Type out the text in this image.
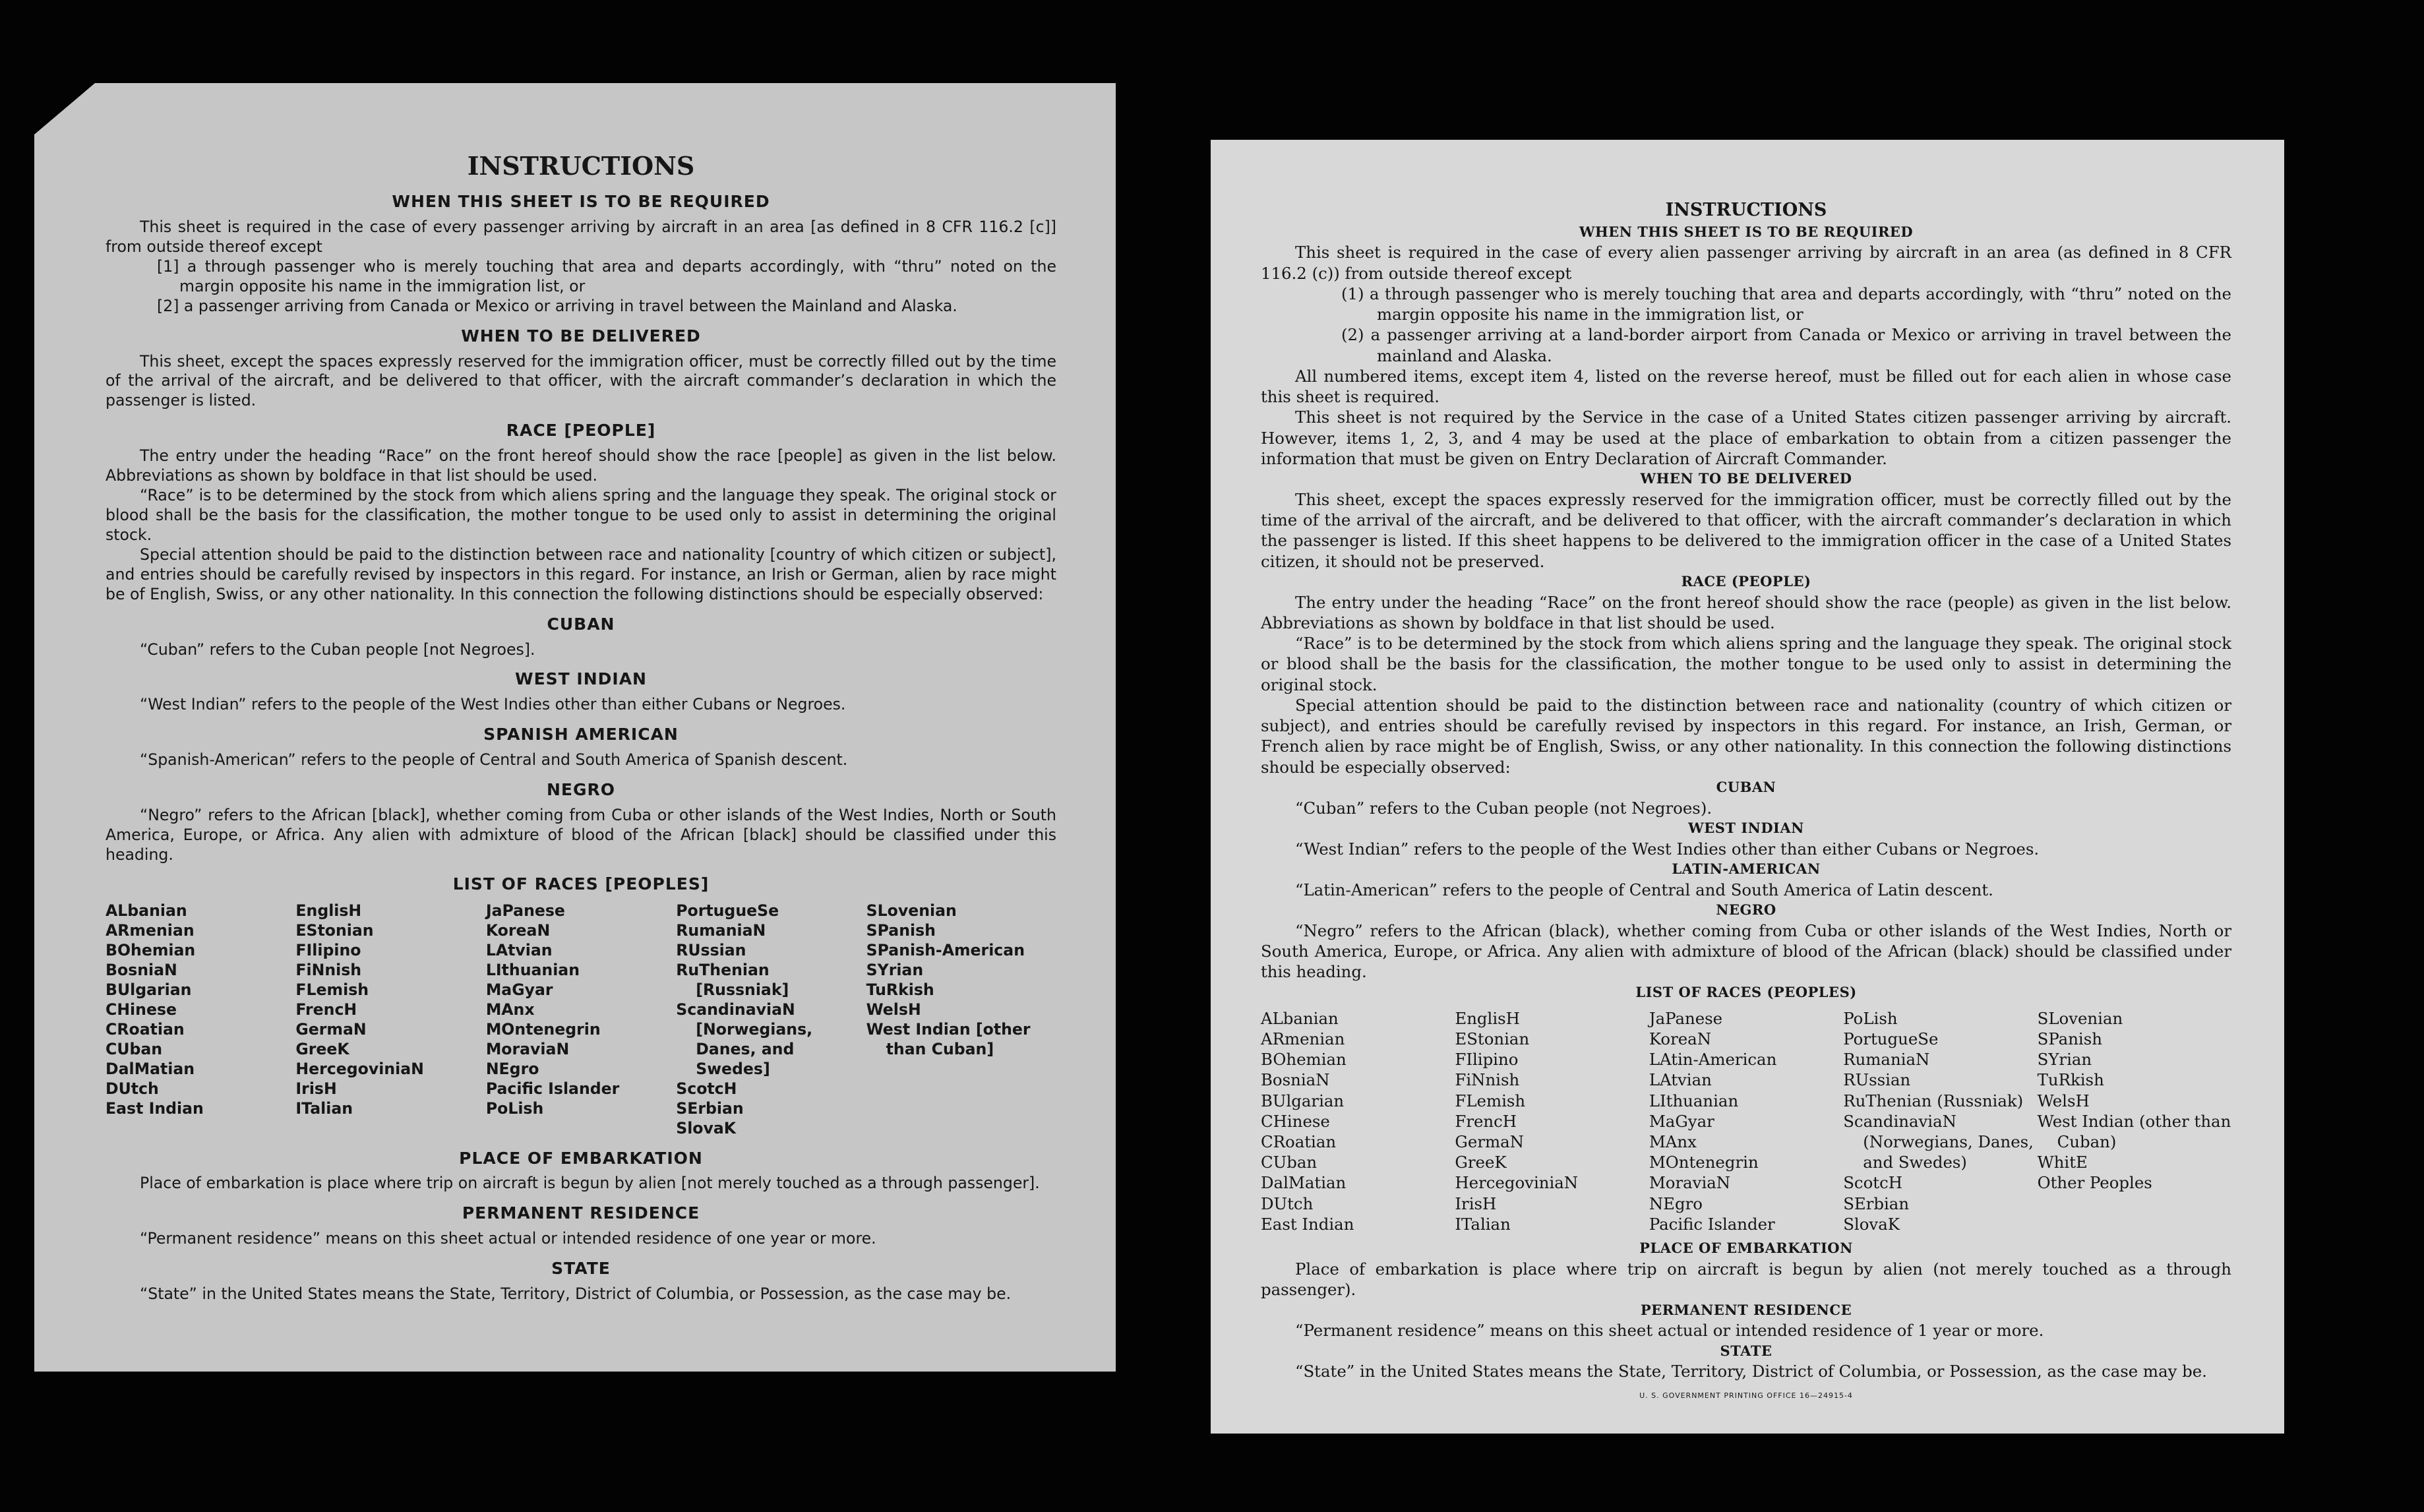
INSTRUCTIONS
WHEN THIS SHEET IS TO BE REQUIRED

This sheet is required in the case of every passenger arriving by aircraft in an area [as defined in 8 CFR 116.2 [c]] from outside thereof except

[1] a through passenger who is merely touching that area and departs accordingly, with “thru” noted on the margin opposite his name in the immigration list, or

[2] a passenger arriving from Canada or Mexico or arriving in travel between the Mainland and Alaska.

WHEN TO BE DELIVERED

This sheet, except the spaces expressly reserved for the immigration officer, must be correctly filled out by the time of the arrival of the aircraft, and be delivered to that officer, with the aircraft commander’s declaration in which the passenger is listed.

RACE [PEOPLE]

The entry under the heading “Race” on the front hereof should show the race [people] as given in the list below. Abbreviations as shown by boldface in that list should be used.

“Race” is to be determined by the stock from which aliens spring and the language they speak. The original stock or blood shall be the basis for the classification, the mother tongue to be used only to assist in determining the original stock.

Special attention should be paid to the distinction between race and nationality [country of which citizen or subject], and entries should be carefully revised by inspectors in this regard. For instance, an Irish or German, alien by race might be of English, Swiss, or any other nationality. In this connection the following distinctions should be especially observed:

CUBAN

“Cuban” refers to the Cuban people [not Negroes].

WEST INDIAN

“West Indian” refers to the people of the West Indies other than either Cubans or Negroes.

SPANISH AMERICAN

“Spanish-American” refers to the people of Central and South America of Spanish descent.

NEGRO

“Negro” refers to the African [black], whether coming from Cuba or other islands of the West Indies, North or South America, Europe, or Africa. Any alien with admixture of blood of the African [black] should be classified under this heading.

LIST OF RACES [PEOPLES]
ALbanian
ARmenian
BOhemian
BosniaN
BUlgarian
CHinese
CRoatian
CUban
DalMatian
DUtch
East Indian
EnglisH
EStonian
FIlipino
FiNnish
FLemish
FrencH
GermaN
GreeK
HercegoviniaN
IrisH
ITalian
JaPanese
KoreaN
LAtvian
LIthuanian
MaGyar
MAnx
MOntenegrin
MoraviaN
NEgro
Pacific Islander
PoLish
PortugueSe
RumaniaN
RUssian
RuThenian [Russniak]
ScandinaviaN [Norwegians, Danes, and Swedes]
ScotcH
SErbian
SlovaK
SLovenian
SPanish
SPanish-American
SYrian
TuRkish
WelsH
West Indian [other than Cuban]
PLACE OF EMBARKATION

Place of embarkation is place where trip on aircraft is begun by alien [not merely touched as a through passenger].

PERMANENT RESIDENCE

“Permanent residence” means on this sheet actual or intended residence of one year or more.

STATE

“State” in the United States means the State, Territory, District of Columbia, or Possession, as the case may be.

INSTRUCTIONS
WHEN THIS SHEET IS TO BE REQUIRED

This sheet is required in the case of every alien passenger arriving by aircraft in an area (as defined in 8 CFR 116.2 (c)) from outside thereof except

(1) a through passenger who is merely touching that area and departs accordingly, with “thru” noted on the margin opposite his name in the immigration list, or

(2) a passenger arriving at a land-border airport from Canada or Mexico or arriving in travel between the mainland and Alaska.

All numbered items, except item 4, listed on the reverse hereof, must be filled out for each alien in whose case this sheet is required.

This sheet is not required by the Service in the case of a United States citizen passenger arriving by aircraft. However, items 1, 2, 3, and 4 may be used at the place of embarkation to obtain from a citizen passenger the information that must be given on Entry Declaration of Aircraft Commander.

WHEN TO BE DELIVERED

This sheet, except the spaces expressly reserved for the immigration officer, must be correctly filled out by the time of the arrival of the aircraft, and be delivered to that officer, with the aircraft commander’s declaration in which the passenger is listed. If this sheet happens to be delivered to the immigration officer in the case of a United States citizen, it should not be preserved.

RACE (PEOPLE)

The entry under the heading “Race” on the front hereof should show the race (people) as given in the list below. Abbreviations as shown by boldface in that list should be used.

“Race” is to be determined by the stock from which aliens spring and the language they speak. The original stock or blood shall be the basis for the classification, the mother tongue to be used only to assist in determining the original stock.

Special attention should be paid to the distinction between race and nationality (country of which citizen or subject), and entries should be carefully revised by inspectors in this regard. For instance, an Irish, German, or French alien by race might be of English, Swiss, or any other nationality. In this connection the following distinctions should be especially observed:

CUBAN

“Cuban” refers to the Cuban people (not Negroes).

WEST INDIAN

“West Indian” refers to the people of the West Indies other than either Cubans or Negroes.

LATIN-AMERICAN

“Latin-American” refers to the people of Central and South America of Latin descent.

NEGRO

“Negro” refers to the African (black), whether coming from Cuba or other islands of the West Indies, North or South America, Europe, or Africa. Any alien with admixture of blood of the African (black) should be classified under this heading.

LIST OF RACES (PEOPLES)
ALbanian
ARmenian
BOhemian
BosniaN
BUlgarian
CHinese
CRoatian
CUban
DalMatian
DUtch
East Indian
EnglisH
EStonian
FIlipino
FiNnish
FLemish
FrencH
GermaN
GreeK
HercegoviniaN
IrisH
ITalian
JaPanese
KoreaN
LAtin-American
LAtvian
LIthuanian
MaGyar
MAnx
MOntenegrin
MoraviaN
NEgro
Pacific Islander
PoLish
PortugueSe
RumaniaN
RUssian
RuThenian (Russniak)
ScandinaviaN (Norwegians, Danes, and Swedes)
ScotcH
SErbian
SlovaK
SLovenian
SPanish
SYrian
TuRkish
WelsH
West Indian (other than Cuban)
WhitE
Other Peoples
PLACE OF EMBARKATION

Place of embarkation is place where trip on aircraft is begun by alien (not merely touched as a through passenger).

PERMANENT RESIDENCE

“Permanent residence” means on this sheet actual or intended residence of 1 year or more.

STATE

“State” in the United States means the State, Territory, District of Columbia, or Possession, as the case may be.

U. S. GOVERNMENT PRINTING OFFICE 16—24915-4
